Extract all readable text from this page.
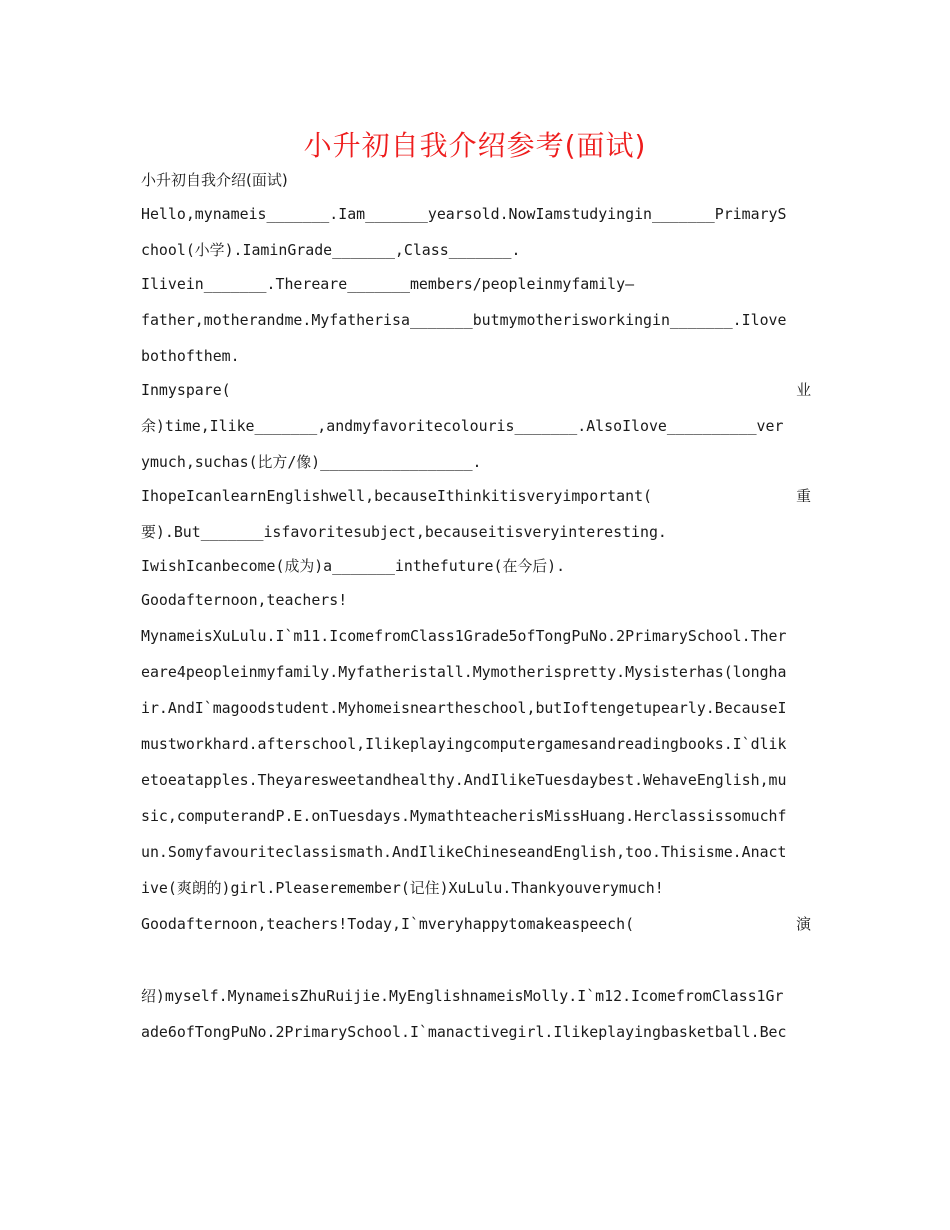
小升初自我介绍参考(面试)
小升初自我介绍(面试)
Hello,mynameis_______.Iam_______yearsold.NowIamstudyingin_______PrimaryS
chool(小学).IaminGrade_______,Class_______.
Ilivein_______.Thereare_______members/peopleinmyfamily—
father,motherandme.Myfatherisa_______butmymotherisworkingin_______.Ilove
bothofthem.
Inmyspare(	业
余)time,Ilike_______,andmyfavoritecolouris_______.AlsoIlove__________ver
ymuch,suchas(比方/像)_________________.
IhopeIcanlearnEnglishwell,becauseIthinkitisveryimportant(	重
要).But_______isfavoritesubject,becauseitisveryinteresting.
IwishIcanbecome(成为)a_______inthefuture(在今后).
Goodafternoon,teachers!
MynameisXuLulu.I`m11.IcomefromClass1Grade5ofTongPuNo.2PrimarySchool.Ther
eare4peopleinmyfamily.Myfatheristall.Mymotherispretty.Mysisterhas(longha
ir.AndI`magoodstudent.Myhomeisneartheschool,butIoftengetupearly.BecauseI
mustworkhard.afterschool,Ilikeplayingcomputergamesandreadingbooks.I`dlik
etoeatapples.Theyaresweetandhealthy.AndIlikeTuesdaybest.WehaveEnglish,mu
sic,computerandP.E.onTuesdays.MymathteacherisMissHuang.Herclassissomuchf
un.Somyfavouriteclassismath.AndIlikeChineseandEnglish,too.Thisisme.Anact
ive(爽朗的)girl.Pleaseremember(记住)XuLulu.Thankyouverymuch!
Goodafternoon,teachers!Today,I`mveryhappytomakeaspeech(	演
绍)myself.MynameisZhuRuijie.MyEnglishnameisMolly.I`m12.IcomefromClass1Gr
ade6ofTongPuNo.2PrimarySchool.I`manactivegirl.Ilikeplayingbasketball.Bec
